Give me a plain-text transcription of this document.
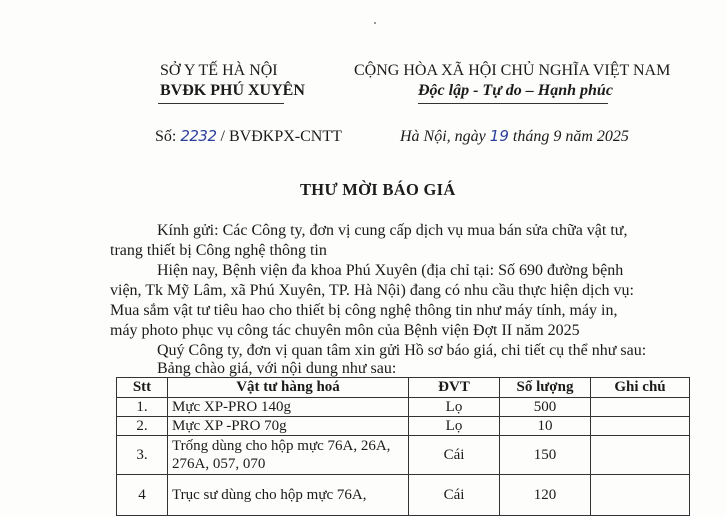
SỞ Y TẾ HÀ NỘI
BVĐK PHÚ XUYÊN
CỘNG HÒA XÃ HỘI CHỦ NGHĨA VIỆT NAM
Độc lập - Tự do – Hạnh phúc
Số: 2232 / BVĐKPX-CNTT	Hà Nội, ngày 19 tháng 9 năm 2025
THƯ MỜI BÁO GIÁ
Kính gửi: Các Công ty, đơn vị cung cấp dịch vụ mua bán sửa chữa vật tư,
trang thiết bị Công nghệ thông tin
Hiện nay, Bệnh viện đa khoa Phú Xuyên (địa chỉ tại: Số 690 đường bệnh
viện, Tk Mỹ Lâm, xã Phú Xuyên, TP. Hà Nội) đang có nhu cầu thực hiện dịch vụ:
Mua sắm vật tư tiêu hao cho thiết bị công nghệ thông tin như máy tính, máy in,
máy photo phục vụ công tác chuyên môn của Bệnh viện Đợt II năm 2025
Quý Công ty, đơn vị quan tâm xin gửi Hồ sơ báo giá, chi tiết cụ thể như sau:
Bảng chào giá, với nội dung như sau:
Stt	Vật tư hàng hoá	ĐVT	Số lượng	Ghi chú
1.	Mực XP-PRO 140g	Lọ	500	
2.	Mực XP -PRO 70g	Lọ	10	
3.	Trống dùng cho hộp mực 76A, 26A,
276A, 057, 070	Cái	150	
4	Trục sư dùng cho hộp mực 76A,	Cái	120	
